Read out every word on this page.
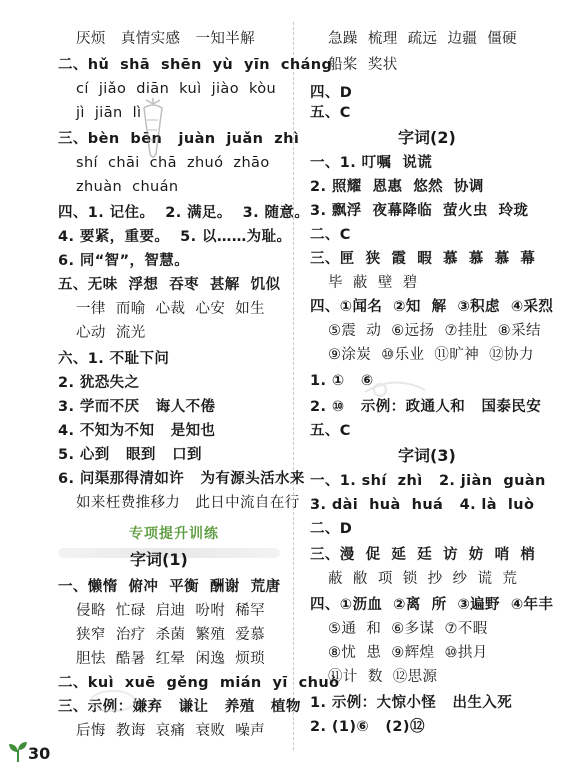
厌烦   真情实感   一知半解
二、hǔ  shā  shēn  yù  yīn  cháng
cí  jiǎo  diān  kuì  jiào  kòu
jì  jiān  lì
三、bèn  bēn   juàn  juǎn  zhì
shí  chāi  chā  zhuó  zhāo
zhuàn  chuán
四、1. 记住。  2. 满足。  3. 随意。
4. 要紧，重要。  5. 以……为耻。
6. 同“智”，智慧。
五、无味  浮想  吞枣  甚解  饥似
一律  而喻  心裁  心安  如生
心动  流光
六、1. 不耻下问
2. 犹恐失之
3. 学而不厌   诲人不倦
4. 不知为不知   是知也
5. 心到   眼到   口到
6. 问渠那得清如许   为有源头活水来
如来枉费推移力   此日中流自在行
专项提升训练
字词(1)
一、懒惰  俯冲  平衡  酬谢  荒唐
侵略  忙碌  启迪  吩咐  稀罕
狭窄  治疗  杀菌  繁殖  爱慕
胆怯  酷暑  红晕  闲逸  烦琐
二、kuì  xuē  gěng  mián  yī  chuò
三、示例：嫌弃   谦让   养殖   植物
后悔  教诲  哀痛  衰败  噪声
急躁  梳理  疏远  边疆  僵硬
船桨  奖状
四、D
五、C
字词(2)
一、1. 叮嘱  说谎
2. 照耀  恩惠  悠然  协调
3. 飘浮  夜幕降临  萤火虫  玲珑
二、C
三、匣  狭  霞  暇  慕  慕  慕  幕
毕  蔽  壁  碧
四、①闻名  ②知  解  ③积虑  ④采烈
⑤震  动  ⑥远扬  ⑦挂肚  ⑧采结
⑨涂炭  ⑩乐业  ⑪旷神  ⑫协力
1. ①   ⑥
2. ⑩   示例：政通人和   国泰民安
五、C
字词(3)
一、1. shí  zhì   2. jiàn  guàn
3. dài  huà  huá   4. là  luò
二、D
三、漫  促  延  廷  访  妨  哨  梢
蔽  敝  项  锁  抄  纱  谎  荒
四、①沥血  ②离  所  ③遍野  ④年丰
⑤通  和  ⑥多谋  ⑦不暇
⑧忧  患  ⑨辉煌  ⑩拱月
⑪计  数  ⑫思源
1. 示例：大惊小怪   出生入死
2. (1)⑥   (2)⑫
30
